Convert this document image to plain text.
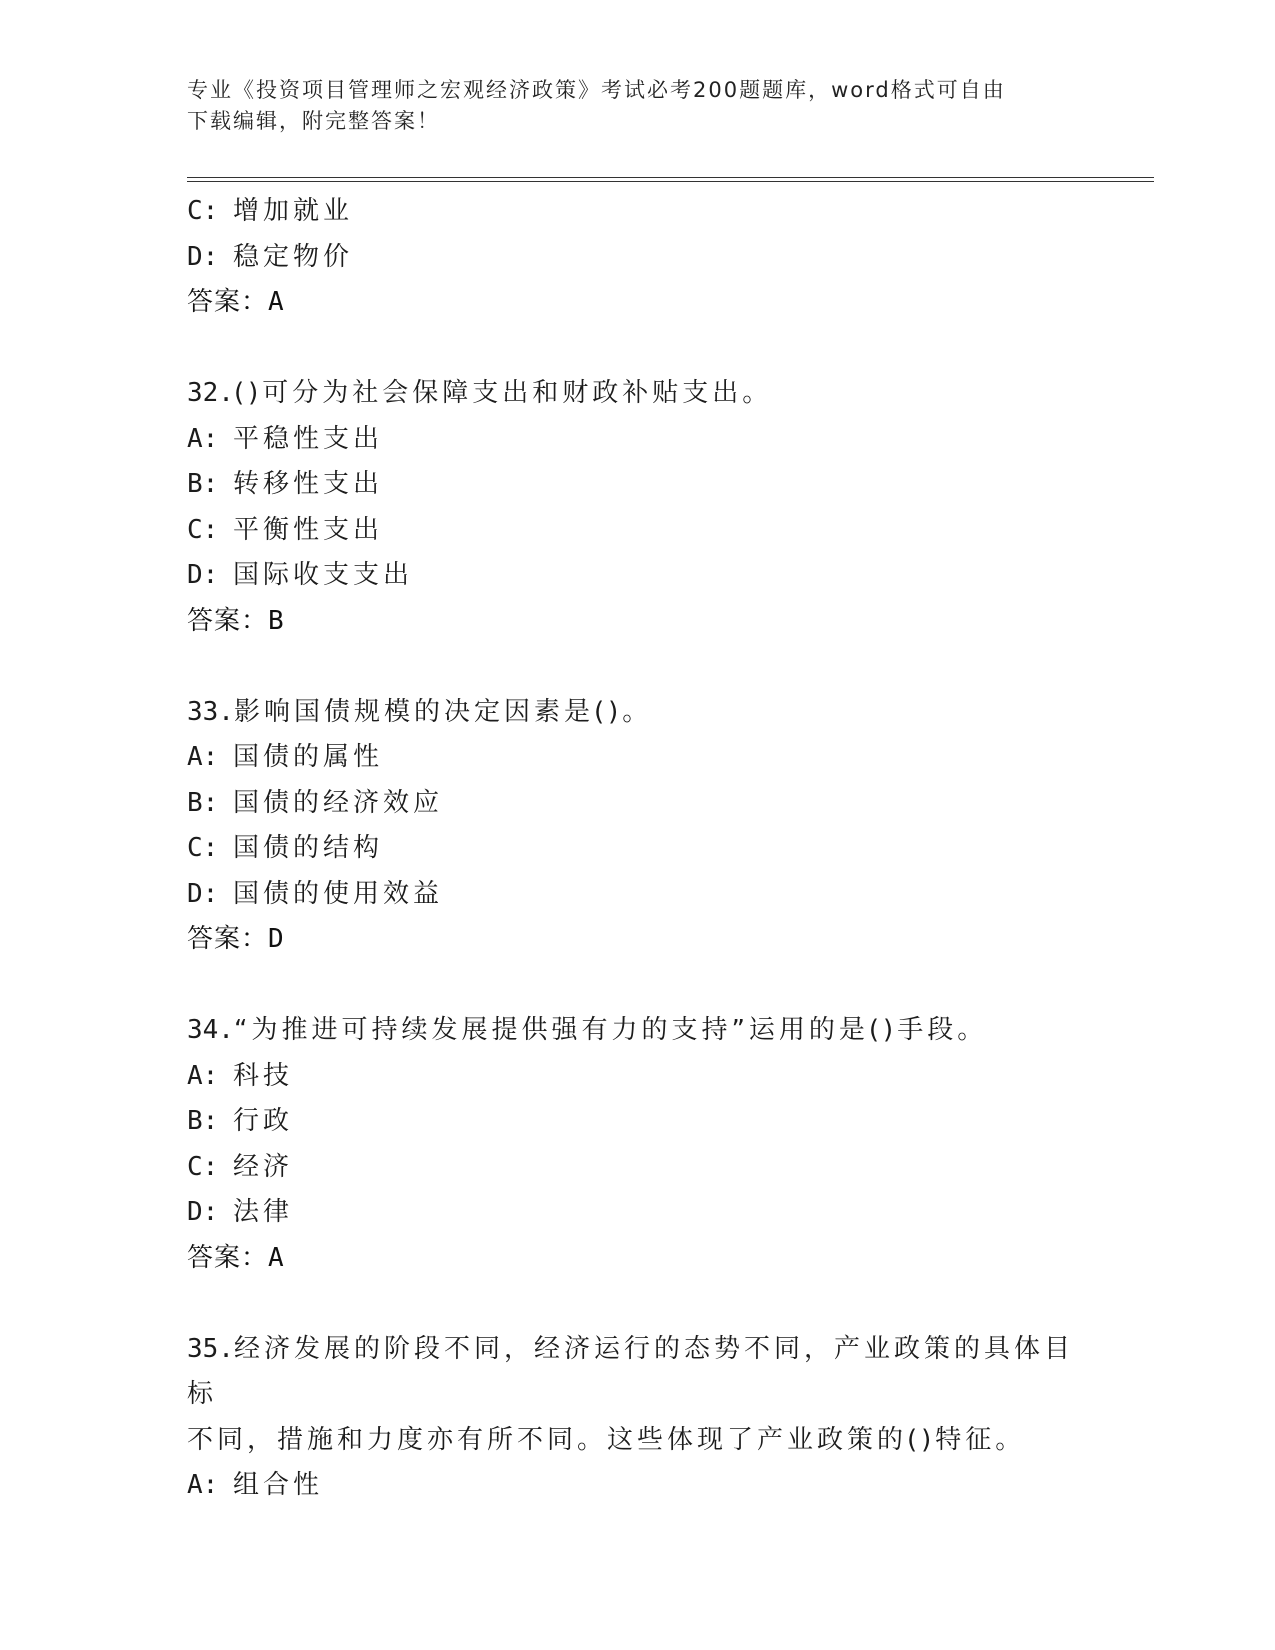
专业《投资项目管理师之宏观经济政策》考试必考200题题库，word格式可自由
下载编辑，附完整答案！
C: 增加就业
D: 稳定物价
答案：A
32.()可分为社会保障支出和财政补贴支出。
A: 平稳性支出
B: 转移性支出
C: 平衡性支出
D: 国际收支支出
答案：B
33.影响国债规模的决定因素是()。
A: 国债的属性
B: 国债的经济效应
C: 国债的结构
D: 国债的使用效益
答案：D
34.“为推进可持续发展提供强有力的支持”运用的是()手段。
A: 科技
B: 行政
C: 经济
D: 法律
答案：A
35.经济发展的阶段不同，经济运行的态势不同，产业政策的具体目标
不同，措施和力度亦有所不同。这些体现了产业政策的()特征。
A: 组合性
